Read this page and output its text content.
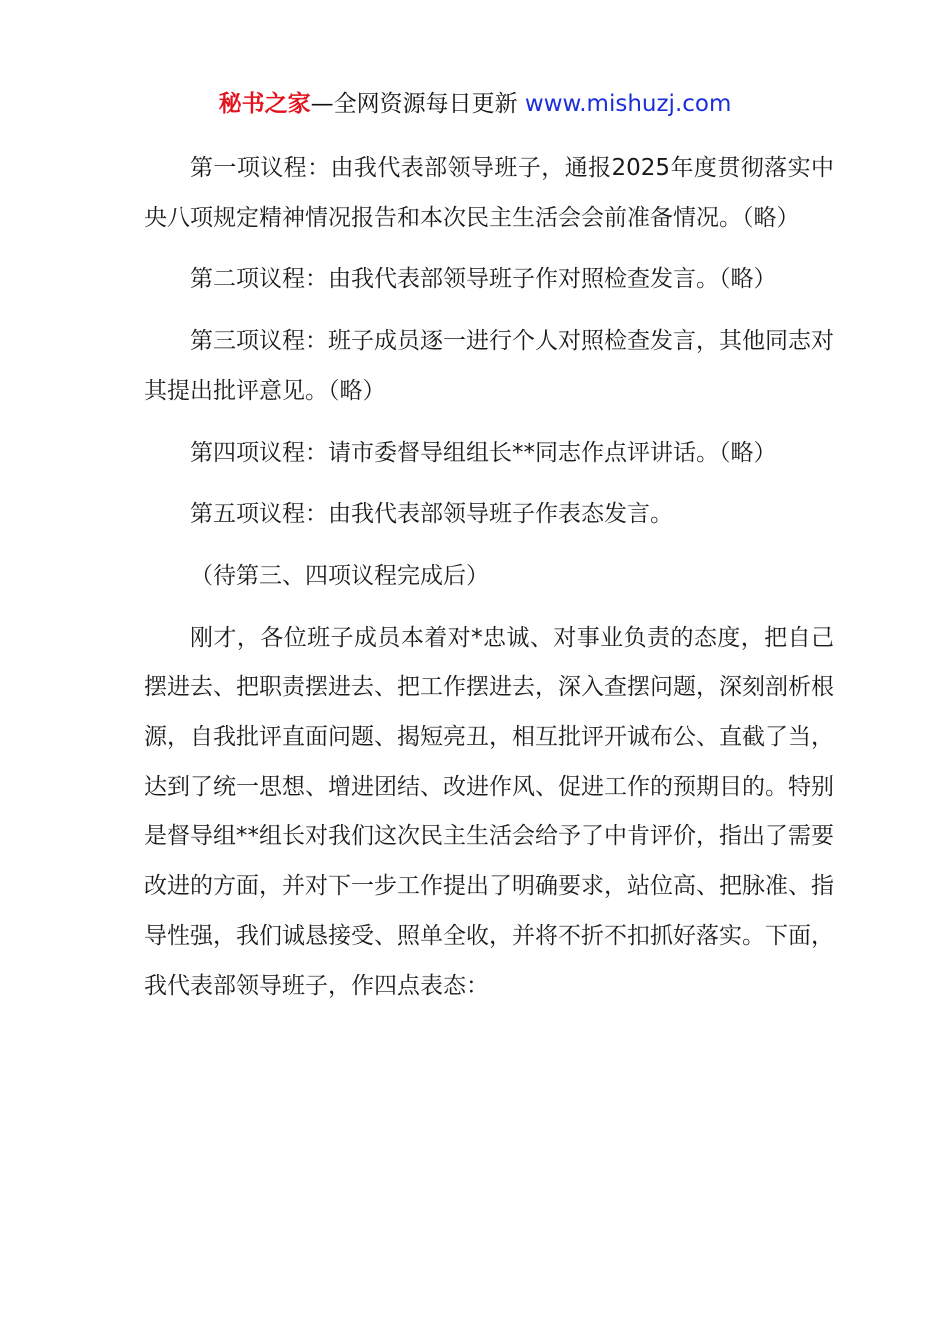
秘书之家—全网资源每日更新 www.mishuzj.com

第一项议程：由我代表部领导班子，通报2025年度贯彻落实中央八项规定精神情况报告和本次民主生活会会前准备情况。（略）

第二项议程：由我代表部领导班子作对照检查发言。（略）

第三项议程：班子成员逐一进行个人对照检查发言，其他同志对其提出批评意见。（略）

第四项议程：请市委督导组组长**同志作点评讲话。（略）

第五项议程：由我代表部领导班子作表态发言。

（待第三、四项议程完成后）

刚才，各位班子成员本着对*忠诚、对事业负责的态度，把自己摆进去、把职责摆进去、把工作摆进去，深入查摆问题，深刻剖析根源，自我批评直面问题、揭短亮丑，相互批评开诚布公、直截了当，达到了统一思想、增进团结、改进作风、促进工作的预期目的。特别是督导组**组长对我们这次民主生活会给予了中肯评价，指出了需要改进的方面，并对下一步工作提出了明确要求，站位高、把脉准、指导性强，我们诚恳接受、照单全收，并将不折不扣抓好落实。下面，我代表部领导班子，作四点表态：
